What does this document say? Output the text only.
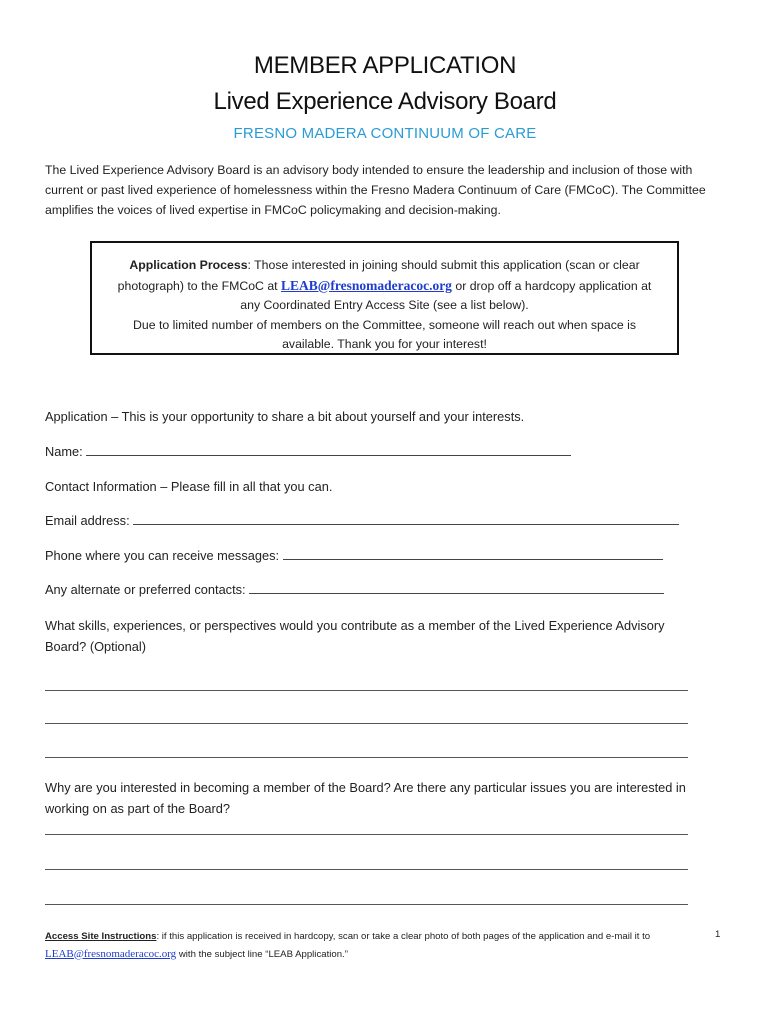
MEMBER APPLICATION
Lived Experience Advisory Board
FRESNO MADERA CONTINUUM OF CARE
The Lived Experience Advisory Board is an advisory body intended to ensure the leadership and inclusion of those with current or past lived experience of homelessness within the Fresno Madera Continuum of Care (FMCoC). The Committee amplifies the voices of lived expertise in FMCoC policymaking and decision-making.
Application Process: Those interested in joining should submit this application (scan or clear photograph) to the FMCoC at LEAB@fresnomaderacoc.org or drop off a hardcopy application at any Coordinated Entry Access Site (see a list below).
Due to limited number of members on the Committee, someone will reach out when space is available. Thank you for your interest!
Application – This is your opportunity to share a bit about yourself and your interests.
Name:
Contact Information – Please fill in all that you can.
Email address:
Phone where you can receive messages:
Any alternate or preferred contacts:
What skills, experiences, or perspectives would you contribute as a member of the Lived Experience Advisory Board? (Optional)
Why are you interested in becoming a member of the Board? Are there any particular issues you are interested in working on as part of the Board?
Access Site Instructions: if this application is received in hardcopy, scan or take a clear photo of both pages of the application and e-mail it to LEAB@fresnomaderacoc.org with the subject line “LEAB Application.”
1
